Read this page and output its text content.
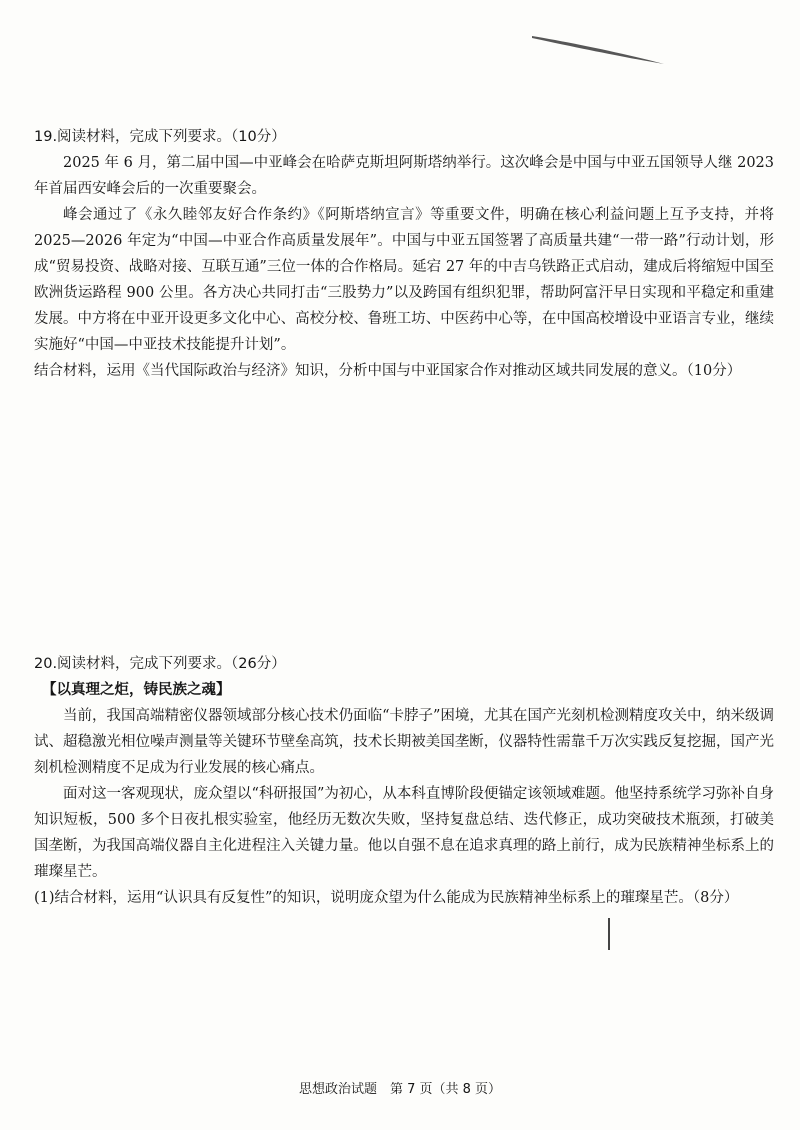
19.阅读材料，完成下列要求。（10分）

2025 年 6 月，第二届中国—中亚峰会在哈萨克斯坦阿斯塔纳举行。这次峰会是中国与中亚五国领导人继 2023 年首届西安峰会后的一次重要聚会。

峰会通过了《永久睦邻友好合作条约》《阿斯塔纳宣言》等重要文件，明确在核心利益问题上互予支持，并将 2025—2026 年定为“中国—中亚合作高质量发展年”。中国与中亚五国签署了高质量共建“一带一路”行动计划，形成“贸易投资、战略对接、互联互通”三位一体的合作格局。延宕 27 年的中吉乌铁路正式启动，建成后将缩短中国至欧洲货运路程 900 公里。各方决心共同打击“三股势力”以及跨国有组织犯罪，帮助阿富汗早日实现和平稳定和重建发展。中方将在中亚开设更多文化中心、高校分校、鲁班工坊、中医药中心等，在中国高校增设中亚语言专业，继续实施好“中国—中亚技术技能提升计划”。

结合材料，运用《当代国际政治与经济》知识，分析中国与中亚国家合作对推动区域共同发展的意义。（10分）

20.阅读材料，完成下列要求。（26分）

【以真理之炬，铸民族之魂】

当前，我国高端精密仪器领域部分核心技术仍面临“卡脖子”困境，尤其在国产光刻机检测精度攻关中，纳米级调试、超稳激光相位噪声测量等关键环节壁垒高筑，技术长期被美国垄断，仪器特性需靠千万次实践反复挖掘，国产光刻机检测精度不足成为行业发展的核心痛点。

面对这一客观现状，庞众望以“科研报国”为初心，从本科直博阶段便锚定该领域难题。他坚持系统学习弥补自身知识短板，500 多个日夜扎根实验室，他经历无数次失败，坚持复盘总结、迭代修正，成功突破技术瓶颈，打破美国垄断，为我国高端仪器自主化进程注入关键力量。他以自强不息在追求真理的路上前行，成为民族精神坐标系上的璀璨星芒。

(1)结合材料，运用“认识具有反复性”的知识，说明庞众望为什么能成为民族精神坐标系上的璀璨星芒。（8分）

思想政治试题　第 7 页（共 8 页）
